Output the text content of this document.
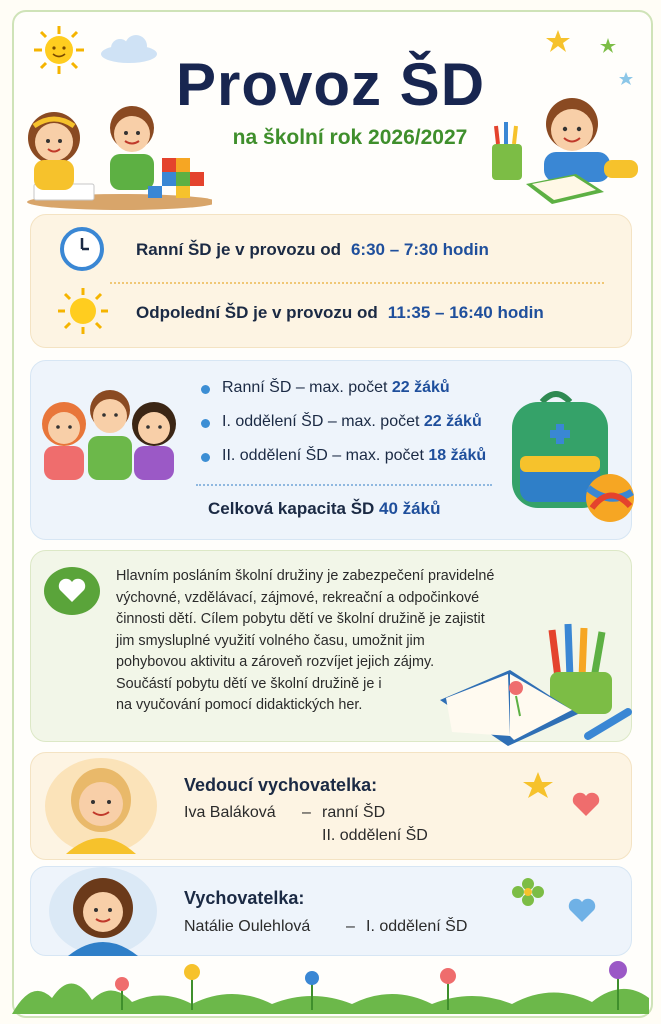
Provoz ŠD
na školní rok 2026/2027
Ranní ŠD je v provozu od 6:30 – 7:30 hodin
Odpolední ŠD je v provozu od 11:35 – 16:40 hodin
Ranní ŠD – max. počet 22 žáků
I. oddělení ŠD – max. počet 22 žáků
II. oddělení ŠD – max. počet 18 žáků
Celková kapacita ŠD 40 žáků
Hlavním posláním školní družiny je zabezpečení pravidelné
výchovné, vzdělávací, zájmové, rekreační a odpočinkové
činnosti dětí. Cílem pobytu dětí ve školní družině je zajistit
jim smysluplné využití volného času, umožnit jim
pohybovou aktivitu a zároveň rozvíjet jejich zájmy.
Součástí pobytu dětí ve školní družině je i
na vyučování pomocí didaktických her.
Vedoucí vychovatelka:
Iva Baláková – ranní ŠD
II. oddělení ŠD
Vychovatelka:
Natálie Oulehlová – I. oddělení ŠD
